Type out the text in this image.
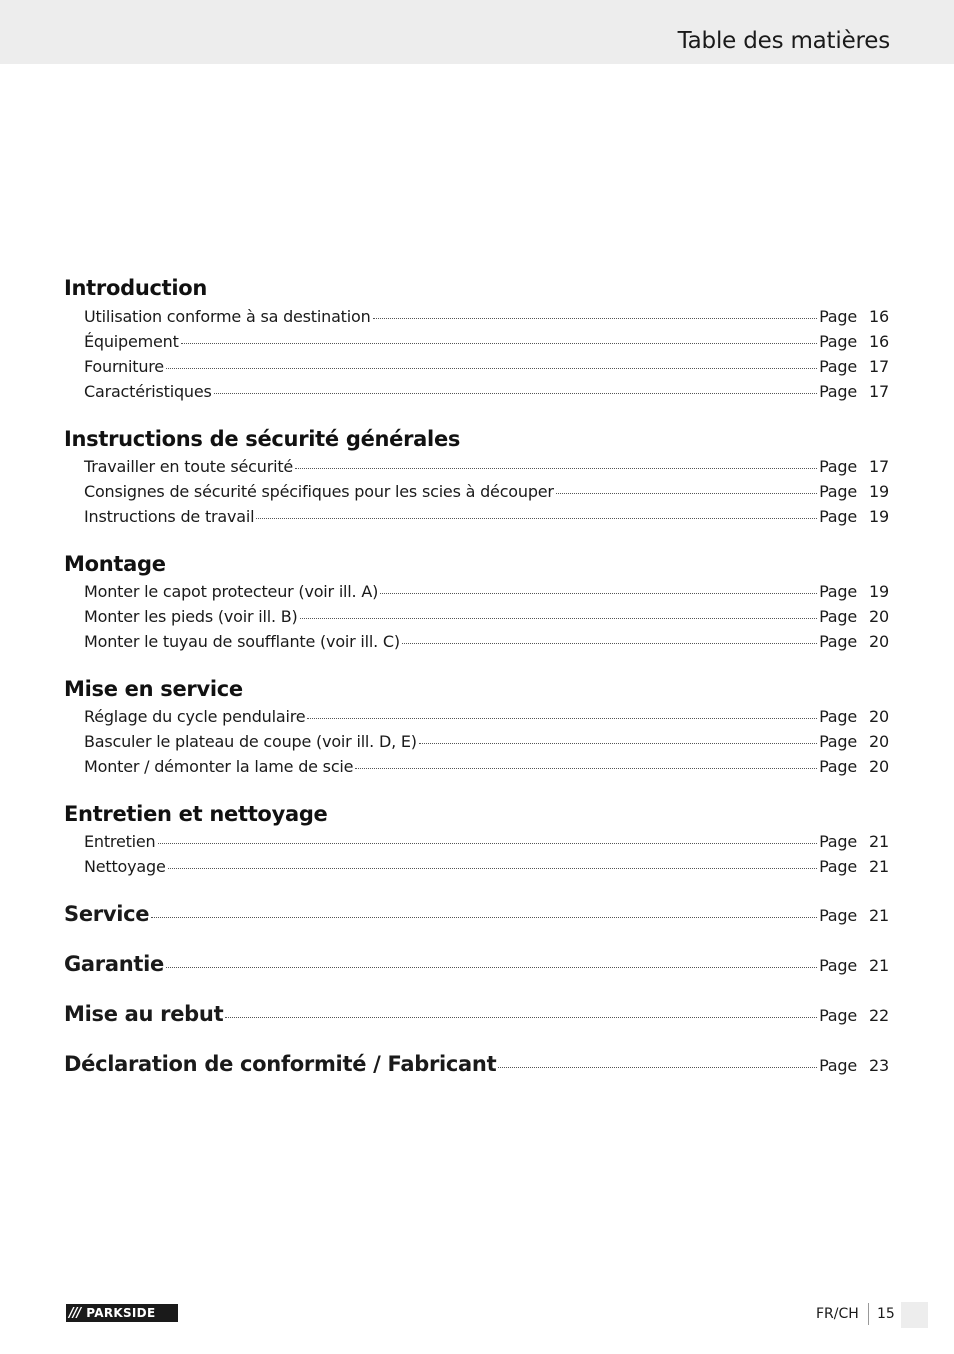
Table des matières
Introduction
Utilisation conforme à sa destination	Page 16
Équipement	Page 16
Fourniture	Page 17
Caractéristiques	Page 17
Instructions de sécurité générales
Travailler en toute sécurité	Page 17
Consignes de sécurité spécifiques pour les scies à découper	Page 19
Instructions de travail	Page 19
Montage
Monter le capot protecteur (voir ill. A)	Page 19
Monter les pieds (voir ill. B)	Page 20
Monter le tuyau de soufflante (voir ill. C)	Page 20
Mise en service
Réglage du cycle pendulaire	Page 20
Basculer le plateau de coupe (voir ill. D, E)	Page 20
Monter / démonter la lame de scie	Page 20
Entretien et nettoyage
Entretien	Page 21
Nettoyage	Page 21
Service	Page 21
Garantie	Page 21
Mise au rebut	Page 22
Déclaration de conformité / Fabricant	Page 23
/// PARKSIDE	FR/CH 15
